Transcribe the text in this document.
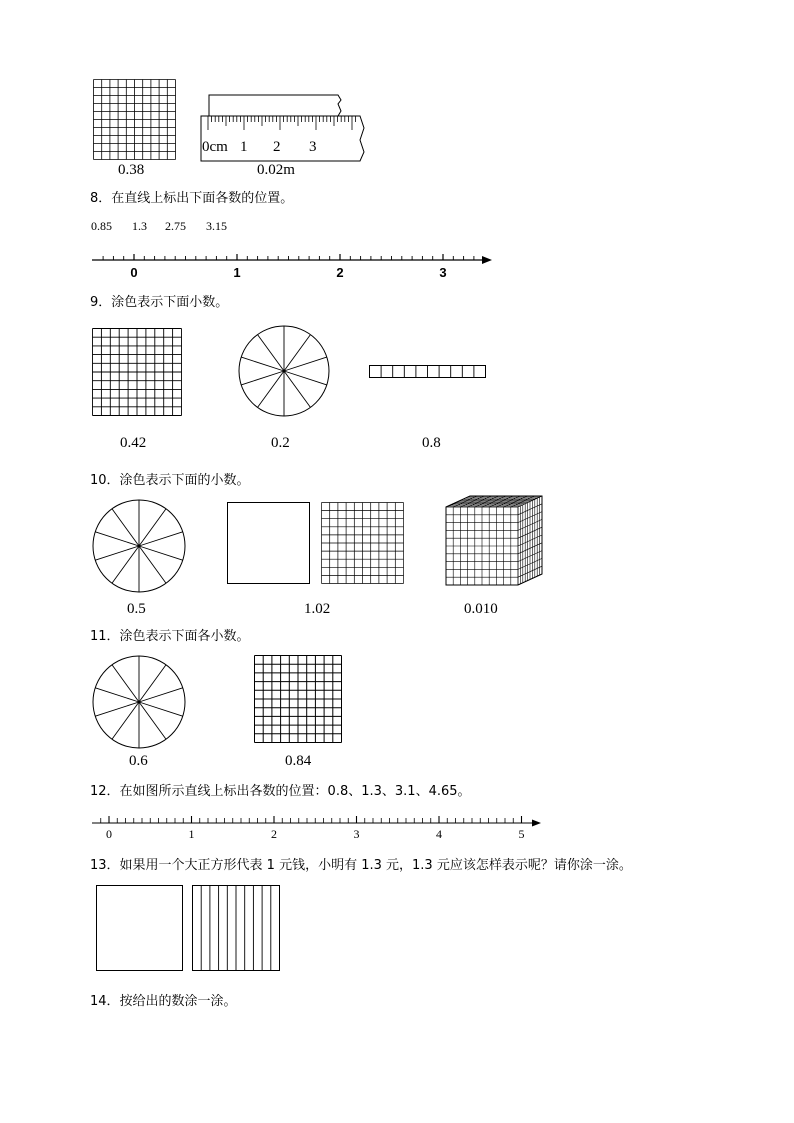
0.38
0cm 1 2 3
0.02m
8．在直线上标出下面各数的位置。
0.85 1.3 2.75 3.15
0	1	2	3
9．涂色表示下面小数。
0.42	0.2	0.8
10．涂色表示下面的小数。
0.5	1.02	0.010
11．涂色表示下面各小数。
0.6	0.84
12．在如图所示直线上标出各数的位置：0.8、1.3、3.1、4.65。
0	1	2	3	4	5
13．如果用一个大正方形代表 1 元钱，小明有 1.3 元，1.3 元应该怎样表示呢？请你涂一涂。
14．按给出的数涂一涂。
